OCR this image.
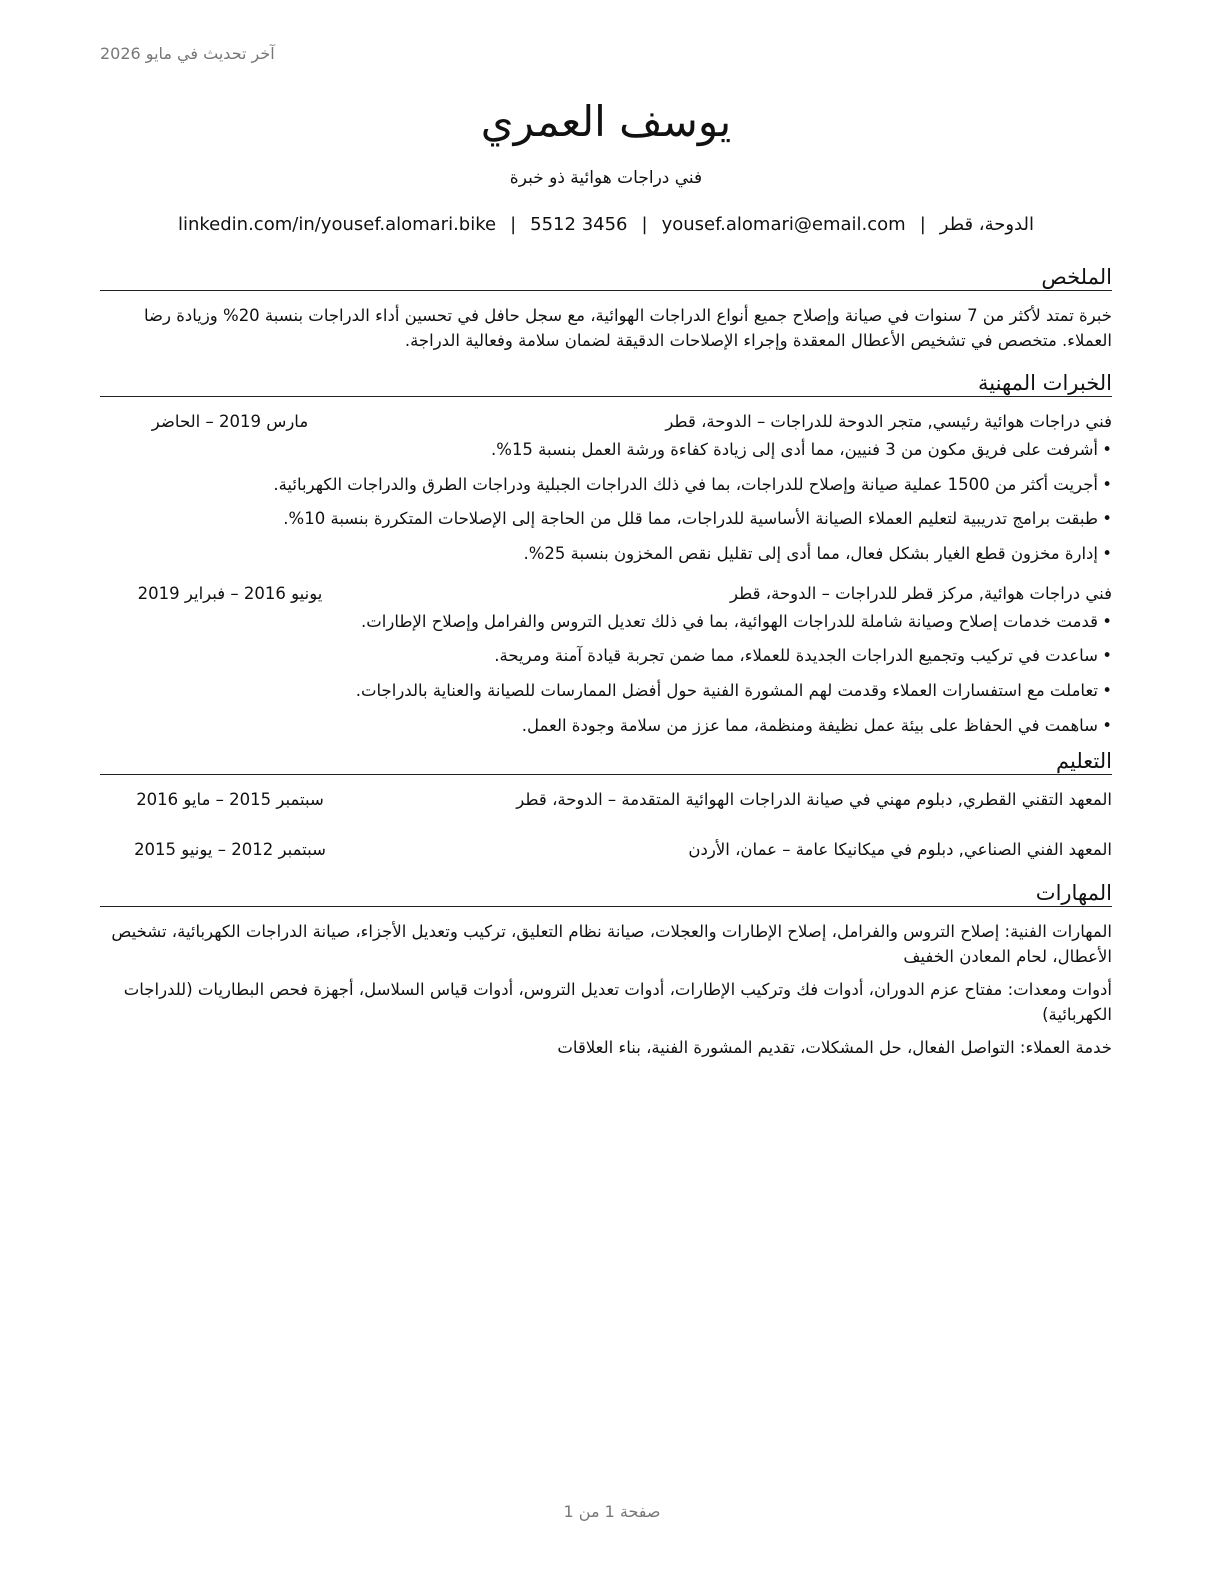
آخر تحديث في مايو 2026
يوسف العمري
فني دراجات هوائية ذو خبرة
الدوحة، قطر|yousef.alomari@email.com|3456 5512|linkedin.com/in/yousef.alomari.bike
الملخص
خبرة تمتد لأكثر من 7 سنوات في صيانة وإصلاح جميع أنواع الدراجات الهوائية، مع سجل حافل في تحسين أداء الدراجات بنسبة 20% وزيادة رضا العملاء. متخصص في تشخيص الأعطال المعقدة وإجراء الإصلاحات الدقيقة لضمان سلامة وفعالية الدراجة.
الخبرات المهنية
فني دراجات هوائية رئيسي, متجر الدوحة للدراجات – الدوحة، قطر
مارس 2019 – الحاضر
• أشرفت على فريق مكون من 3 فنيين، مما أدى إلى زيادة كفاءة ورشة العمل بنسبة 15%.
• أجريت أكثر من 1500 عملية صيانة وإصلاح للدراجات، بما في ذلك الدراجات الجبلية ودراجات الطرق والدراجات الكهربائية.
• طبقت برامج تدريبية لتعليم العملاء الصيانة الأساسية للدراجات، مما قلل من الحاجة إلى الإصلاحات المتكررة بنسبة 10%.
• إدارة مخزون قطع الغيار بشكل فعال، مما أدى إلى تقليل نقص المخزون بنسبة 25%.
فني دراجات هوائية, مركز قطر للدراجات – الدوحة، قطر
يونيو 2016 – فبراير 2019
• قدمت خدمات إصلاح وصيانة شاملة للدراجات الهوائية، بما في ذلك تعديل التروس والفرامل وإصلاح الإطارات.
• ساعدت في تركيب وتجميع الدراجات الجديدة للعملاء، مما ضمن تجربة قيادة آمنة ومريحة.
• تعاملت مع استفسارات العملاء وقدمت لهم المشورة الفنية حول أفضل الممارسات للصيانة والعناية بالدراجات.
• ساهمت في الحفاظ على بيئة عمل نظيفة ومنظمة، مما عزز من سلامة وجودة العمل.
التعليم
المعهد التقني القطري, دبلوم مهني في صيانة الدراجات الهوائية المتقدمة – الدوحة، قطر
سبتمبر 2015 – مايو 2016
المعهد الفني الصناعي, دبلوم في ميكانيكا عامة – عمان، الأردن
سبتمبر 2012 – يونيو 2015
المهارات
المهارات الفنية: إصلاح التروس والفرامل، إصلاح الإطارات والعجلات، صيانة نظام التعليق، تركيب وتعديل الأجزاء، صيانة الدراجات الكهربائية، تشخيص الأعطال، لحام المعادن الخفيف
أدوات ومعدات: مفتاح عزم الدوران، أدوات فك وتركيب الإطارات، أدوات تعديل التروس، أدوات قياس السلاسل، أجهزة فحص البطاريات (للدراجات الكهربائية)
خدمة العملاء: التواصل الفعال، حل المشكلات، تقديم المشورة الفنية، بناء العلاقات
صفحة 1 من 1
